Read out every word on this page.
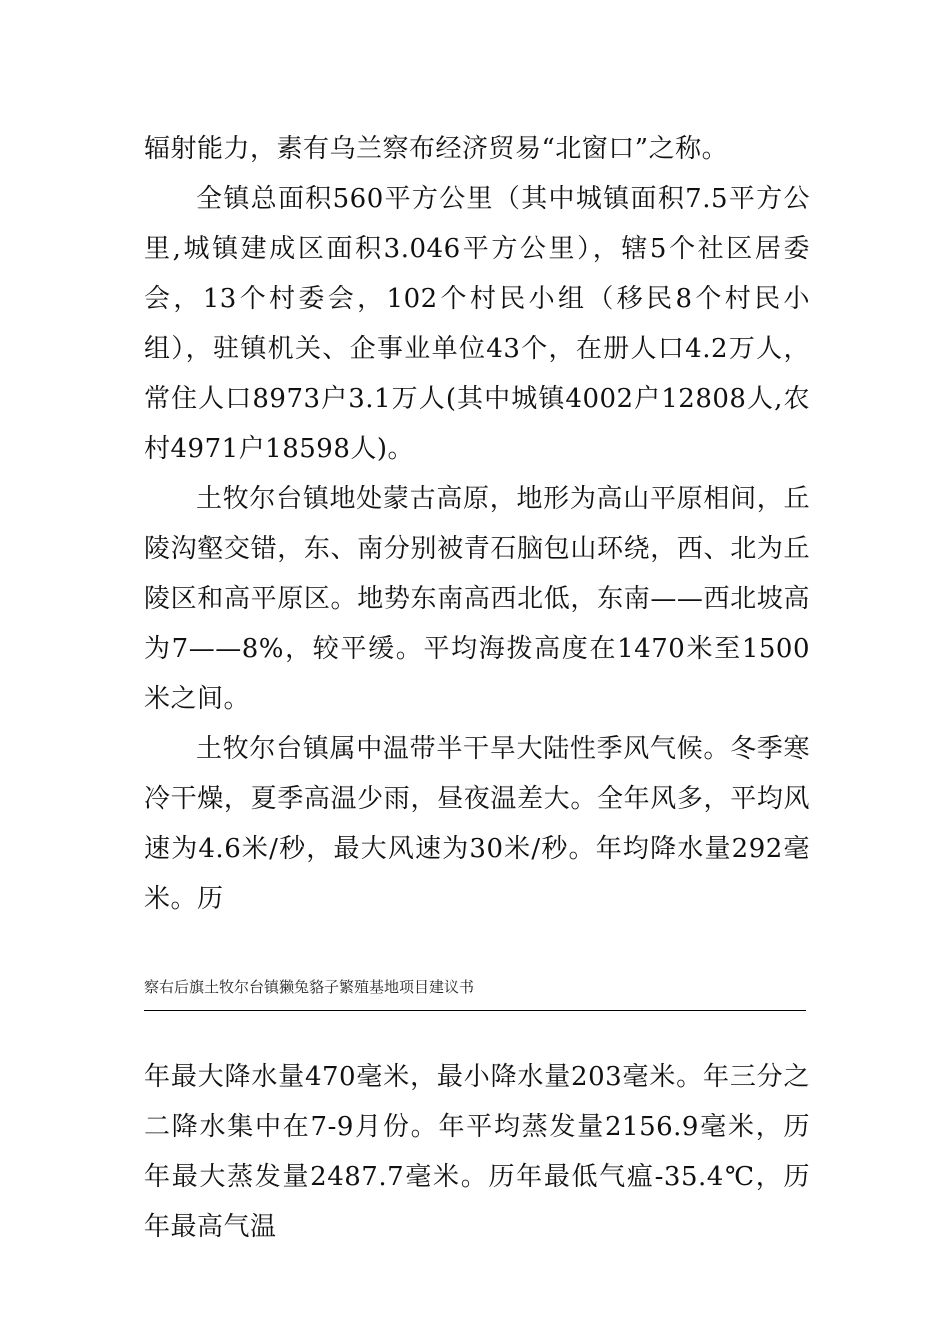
辐射能力，素有乌兰察布经济贸易“北窗口”之称。

全镇总面积560平方公里（其中城镇面积7.5平方公里,城镇建成区面积3.046平方公里），辖5个社区居委会，13个村委会，102个村民小组（移民8个村民小组），驻镇机关、企事业单位43个，在册人口4.2万人，常住人口8973户3.1万人(其中城镇4002户12808人,农村4971户18598人)。

土牧尔台镇地处蒙古高原，地形为高山平原相间，丘陵沟壑交错，东、南分别被青石脑包山环绕，西、北为丘陵区和高平原区。地势东南高西北低，东南——西北坡高为7——8%，较平缓。平均海拨高度在1470米至1500米之间。

土牧尔台镇属中温带半干旱大陆性季风气候。冬季寒冷干燥，夏季高温少雨，昼夜温差大。全年风多，平均风速为4.6米/秒，最大风速为30米/秒。年均降水量292毫米。历

察右后旗土牧尔台镇獭兔貉子繁殖基地项目建议书

年最大降水量470毫米，最小降水量203毫米。年三分之二降水集中在7-9月份。年平均蒸发量2156.9毫米，历年最大蒸发量2487.7毫米。历年最低气瘟-35.4℃，历年最高气温
